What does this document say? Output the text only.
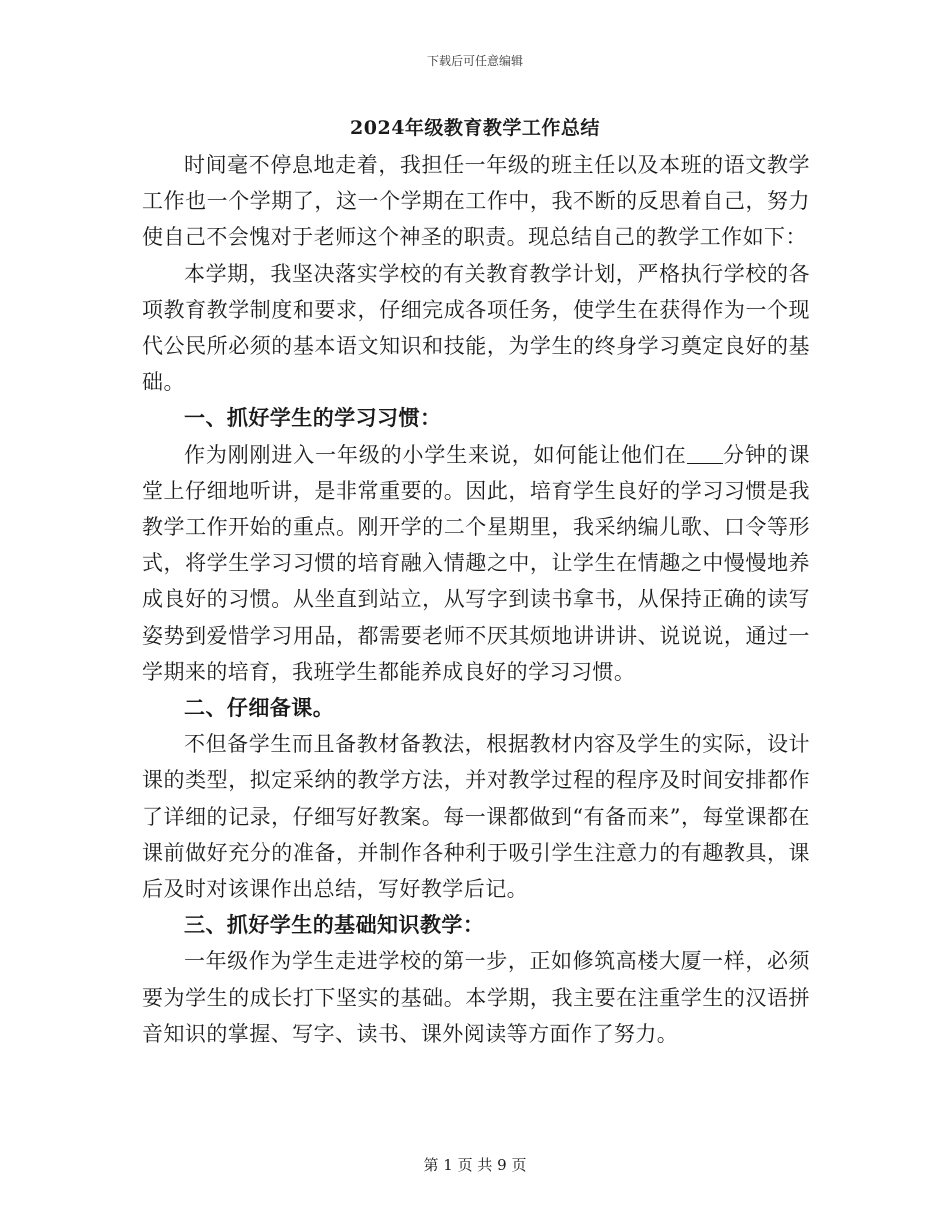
下载后可任意编辑
2024年级教育教学工作总结

时间毫不停息地走着，我担任一年级的班主任以及本班的语文教学工作也一个学期了，这一个学期在工作中，我不断的反思着自己，努力使自己不会愧对于老师这个神圣的职责。现总结自己的教学工作如下：

本学期，我坚决落实学校的有关教育教学计划，严格执行学校的各项教育教学制度和要求，仔细完成各项任务，使学生在获得作为一个现代公民所必须的基本语文知识和技能，为学生的终身学习奠定良好的基础。

一、抓好学生的学习习惯：

作为刚刚进入一年级的小学生来说，如何能让他们在 分钟的课堂上仔细地听讲，是非常重要的。因此，培育学生良好的学习习惯是我教学工作开始的重点。刚开学的二个星期里，我采纳编儿歌、口令等形式，将学生学习习惯的培育融入情趣之中，让学生在情趣之中慢慢地养成良好的习惯。从坐直到站立，从写字到读书拿书，从保持正确的读写姿势到爱惜学习用品，都需要老师不厌其烦地讲讲讲、说说说，通过一学期来的培育，我班学生都能养成良好的学习习惯。

二、仔细备课。

不但备学生而且备教材备教法，根据教材内容及学生的实际，设计课的类型，拟定采纳的教学方法，并对教学过程的程序及时间安排都作了详细的记录，仔细写好教案。每一课都做到“有备而来”，每堂课都在课前做好充分的准备，并制作各种利于吸引学生注意力的有趣教具，课后及时对该课作出总结，写好教学后记。

三、抓好学生的基础知识教学：

一年级作为学生走进学校的第一步，正如修筑高楼大厦一样，必须要为学生的成长打下坚实的基础。本学期，我主要在注重学生的汉语拼音知识的掌握、写字、读书、课外阅读等方面作了努力。

第 1 页 共 9 页
